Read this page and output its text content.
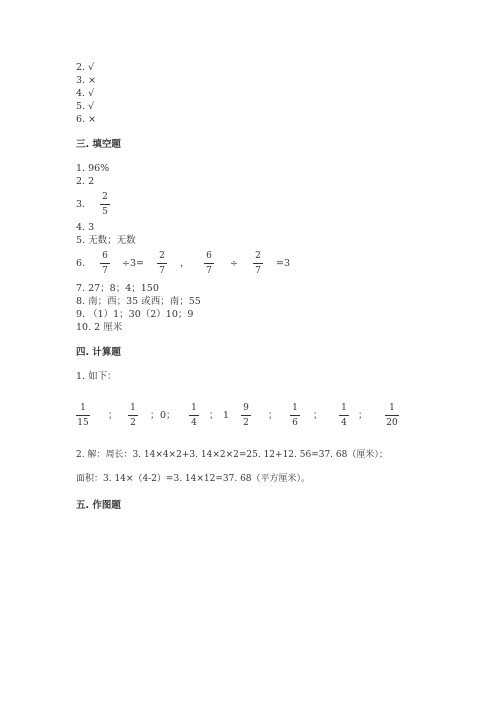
2. √
3. ×
4. √
5. √
6. ×
三. 填空题
1. 96%
2. 2
3.
2
5
4. 3
5. 无数；无数
6.
6
7
÷3=
2
7
，
6
7
÷
2
7
=3
7. 27；8；4；150
8. 南；西；35 或西；南；55
9. （1）1；30（2）10；9
10. 2 厘米
四. 计算题
1. 如下：
1
15
；
1
2
； 0；
1
4
； 1
9
2
；
1
6
；
1
4
；
1
20
2. 解：周长：3. 14×4×2+3. 14×2×2=25. 12+12. 56=37. 68（厘米）；
面积：3. 14×（4-2）=3. 14×12=37. 68（平方厘米）。
五. 作图题
